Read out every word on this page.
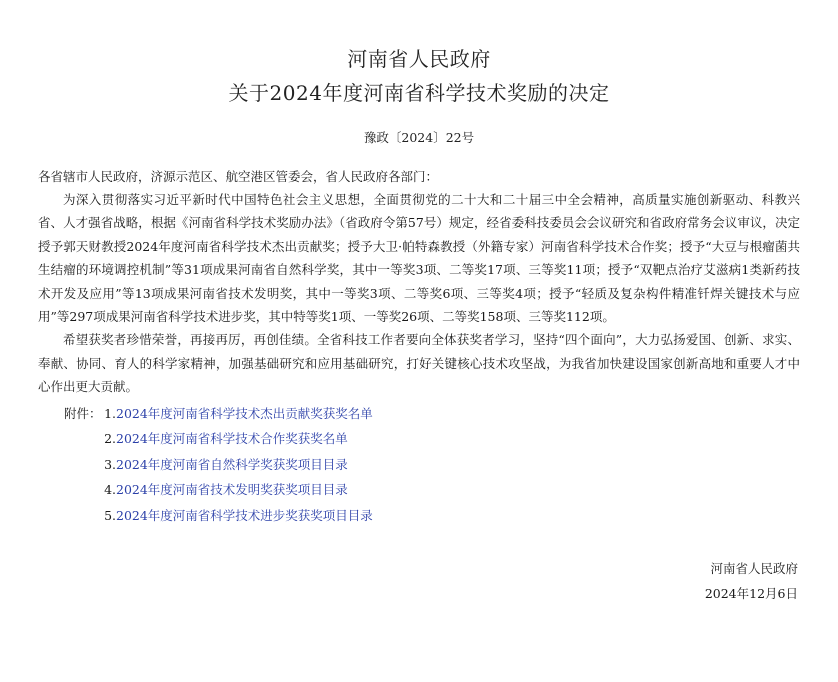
河南省人民政府
关于2024年度河南省科学技术奖励的决定
豫政〔2024〕22号
各省辖市人民政府，济源示范区、航空港区管委会，省人民政府各部门：

为深入贯彻落实习近平新时代中国特色社会主义思想，全面贯彻党的二十大和二十届三中全会精神，高质量实施创新驱动、科教兴省、人才强省战略，根据《河南省科学技术奖励办法》（省政府令第57号）规定，经省委科技委员会会议研究和省政府常务会议审议，决定授予郭天财教授2024年度河南省科学技术杰出贡献奖；授予大卫·帕特森教授（外籍专家）河南省科学技术合作奖；授予“大豆与根瘤菌共生结瘤的环境调控机制”等31项成果河南省自然科学奖，其中一等奖3项、二等奖17项、三等奖11项；授予“双靶点治疗艾滋病1类新药技术开发及应用”等13项成果河南省技术发明奖，其中一等奖3项、二等奖6项、三等奖4项；授予“轻质及复杂构件精准钎焊关键技术与应用”等297项成果河南省科学技术进步奖，其中特等奖1项、一等奖26项、二等奖158项、三等奖112项。

希望获奖者珍惜荣誉，再接再厉，再创佳绩。全省科技工作者要向全体获奖者学习，坚持“四个面向”，大力弘扬爱国、创新、求实、奉献、协同、育人的科学家精神，加强基础研究和应用基础研究，打好关键核心技术攻坚战，为我省加快建设国家创新高地和重要人才中心作出更大贡献。

附件： 1. 2024年度河南省科学技术杰出贡献奖获奖名单
2. 2024年度河南省科学技术合作奖获奖名单
3. 2024年度河南省自然科学奖获奖项目目录
4. 2024年度河南省技术发明奖获奖项目目录
5. 2024年度河南省科学技术进步奖获奖项目目录
河南省人民政府
2024年12月6日
